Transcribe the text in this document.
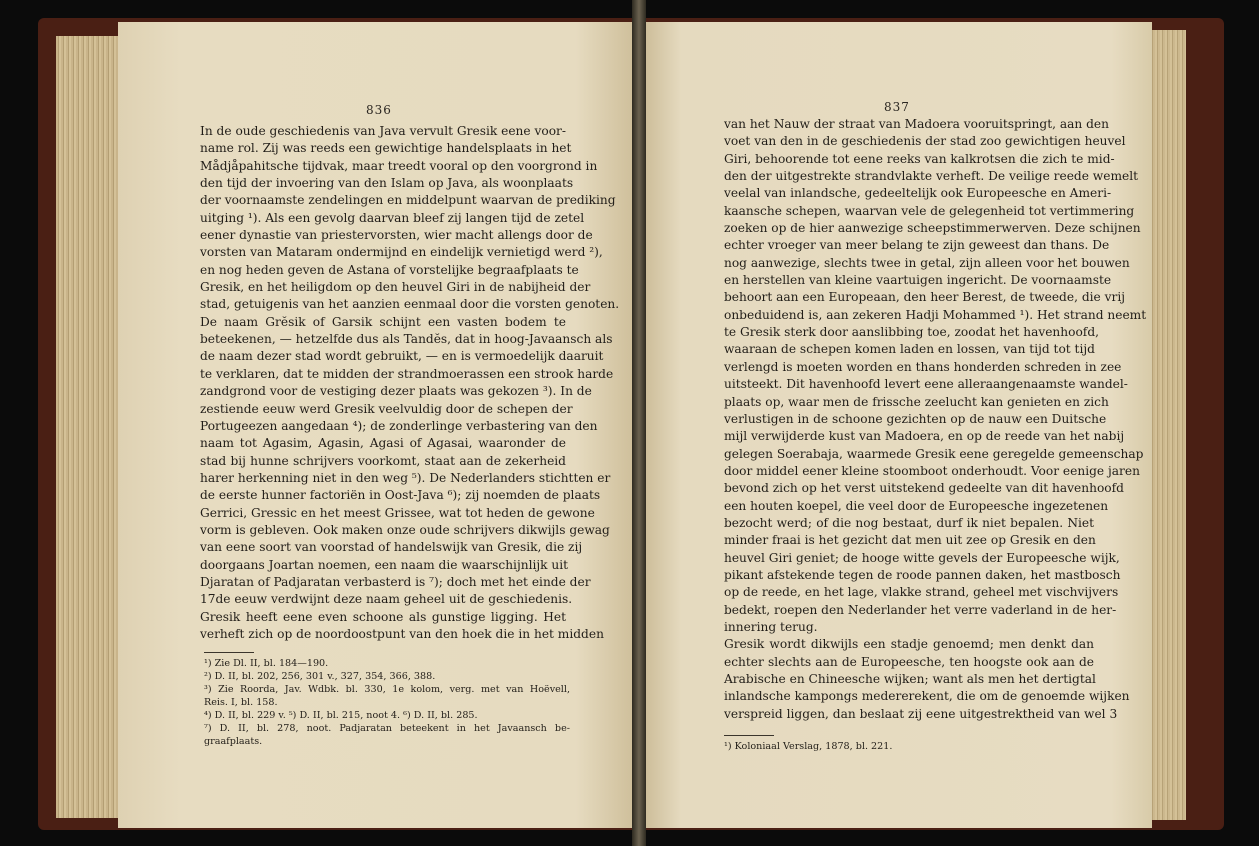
836	837
In de oude geschiedenis van Java vervult Gresik eene voor-
name rol. Zij was reeds een gewichtige handelsplaats in het
Mådjåpahitsche tijdvak, maar treedt vooral op den voorgrond in
den tijd der invoering van den Islam op Java, als woonplaats
der voornaamste zendelingen en middelpunt waarvan de prediking
uitging ¹). Als een gevolg daarvan bleef zij langen tijd de zetel
eener dynastie van priestervorsten, wier macht allengs door de
vorsten van Mataram ondermijnd en eindelijk vernietigd werd ²),
en nog heden geven de Astana of vorstelijke begraafplaats te
Gresik, en het heiligdom op den heuvel Giri in de nabijheid der
stad, getuigenis van het aanzien eenmaal door die vorsten genoten.
De naam Grĕsik of Garsik schijnt een vasten bodem te
beteekenen, — hetzelfde dus als Tandĕs, dat in hoog-Javaansch als
de naam dezer stad wordt gebruikt, — en is vermoedelijk daaruit
te verklaren, dat te midden der strandmoerassen een strook harde
zandgrond voor de vestiging dezer plaats was gekozen ³). In de
zestiende eeuw werd Gresik veelvuldig door de schepen der
Portugeezen aangedaan ⁴); de zonderlinge verbastering van den
naam tot Agasim, Agasin, Agasi of Agasai, waaronder de
stad bij hunne schrijvers voorkomt, staat aan de zekerheid
harer herkenning niet in den weg ⁵). De Nederlanders stichtten er
de eerste hunner factoriën in Oost-Java ⁶); zij noemden de plaats
Gerrici, Gressic en het meest Grissee, wat tot heden de gewone
vorm is gebleven. Ook maken onze oude schrijvers dikwijls gewag
van eene soort van voorstad of handelswijk van Gresik, die zij
doorgaans Joartan noemen, een naam die waarschijnlijk uit
Djaratan of Padjaratan verbasterd is ⁷); doch met het einde der
17de eeuw verdwijnt deze naam geheel uit de geschiedenis.
Gresik heeft eene even schoone als gunstige ligging. Het
verheft zich op de noordoostpunt van den hoek die in het midden
¹) Zie Dl. II, bl. 184—190.
²) D. II, bl. 202, 256, 301 v., 327, 354, 366, 388.
³) Zie Roorda, Jav. Wdbk. bl. 330, 1e kolom, verg. met van Hoëvell,
Reis. I, bl. 158.
⁴) D. II, bl. 229 v. ⁵) D. II, bl. 215, noot 4. ⁶) D. II, bl. 285.
⁷) D. II, bl. 278, noot. Padjaratan beteekent in het Javaansch be-
graafplaats.
van het Nauw der straat van Madoera vooruitspringt, aan den
voet van den in de geschiedenis der stad zoo gewichtigen heuvel
Giri, behoorende tot eene reeks van kalkrotsen die zich te mid-
den der uitgestrekte strandvlakte verheft. De veilige reede wemelt
veelal van inlandsche, gedeeltelijk ook Europeesche en Ameri-
kaansche schepen, waarvan vele de gelegenheid tot vertimmering
zoeken op de hier aanwezige scheepstimmerwerven. Deze schijnen
echter vroeger van meer belang te zijn geweest dan thans. De
nog aanwezige, slechts twee in getal, zijn alleen voor het bouwen
en herstellen van kleine vaartuigen ingericht. De voornaamste
behoort aan een Europeaan, den heer Berest, de tweede, die vrij
onbeduidend is, aan zekeren Hadji Mohammed ¹). Het strand neemt
te Gresik sterk door aanslibbing toe, zoodat het havenhoofd,
waaraan de schepen komen laden en lossen, van tijd tot tijd
verlengd is moeten worden en thans honderden schreden in zee
uitsteekt. Dit havenhoofd levert eene alleraangenaamste wandel-
plaats op, waar men de frissche zeelucht kan genieten en zich
verlustigen in de schoone gezichten op de nauw een Duitsche
mijl verwijderde kust van Madoera, en op de reede van het nabij
gelegen Soerabaja, waarmede Gresik eene geregelde gemeenschap
door middel eener kleine stoomboot onderhoudt. Voor eenige jaren
bevond zich op het verst uitstekend gedeelte van dit havenhoofd
een houten koepel, die veel door de Europeesche ingezetenen
bezocht werd; of die nog bestaat, durf ik niet bepalen. Niet
minder fraai is het gezicht dat men uit zee op Gresik en den
heuvel Giri geniet; de hooge witte gevels der Europeesche wijk,
pikant afstekende tegen de roode pannen daken, het mastbosch
op de reede, en het lage, vlakke strand, geheel met vischvijvers
bedekt, roepen den Nederlander het verre vaderland in de her-
innering terug.
Gresik wordt dikwijls een stadje genoemd; men denkt dan
echter slechts aan de Europeesche, ten hoogste ook aan de
Arabische en Chineesche wijken; want als men het dertigtal
inlandsche kampongs medererekent, die om de genoemde wijken
verspreid liggen, dan beslaat zij eene uitgestrektheid van wel 3
¹) Koloniaal Verslag, 1878, bl. 221.
